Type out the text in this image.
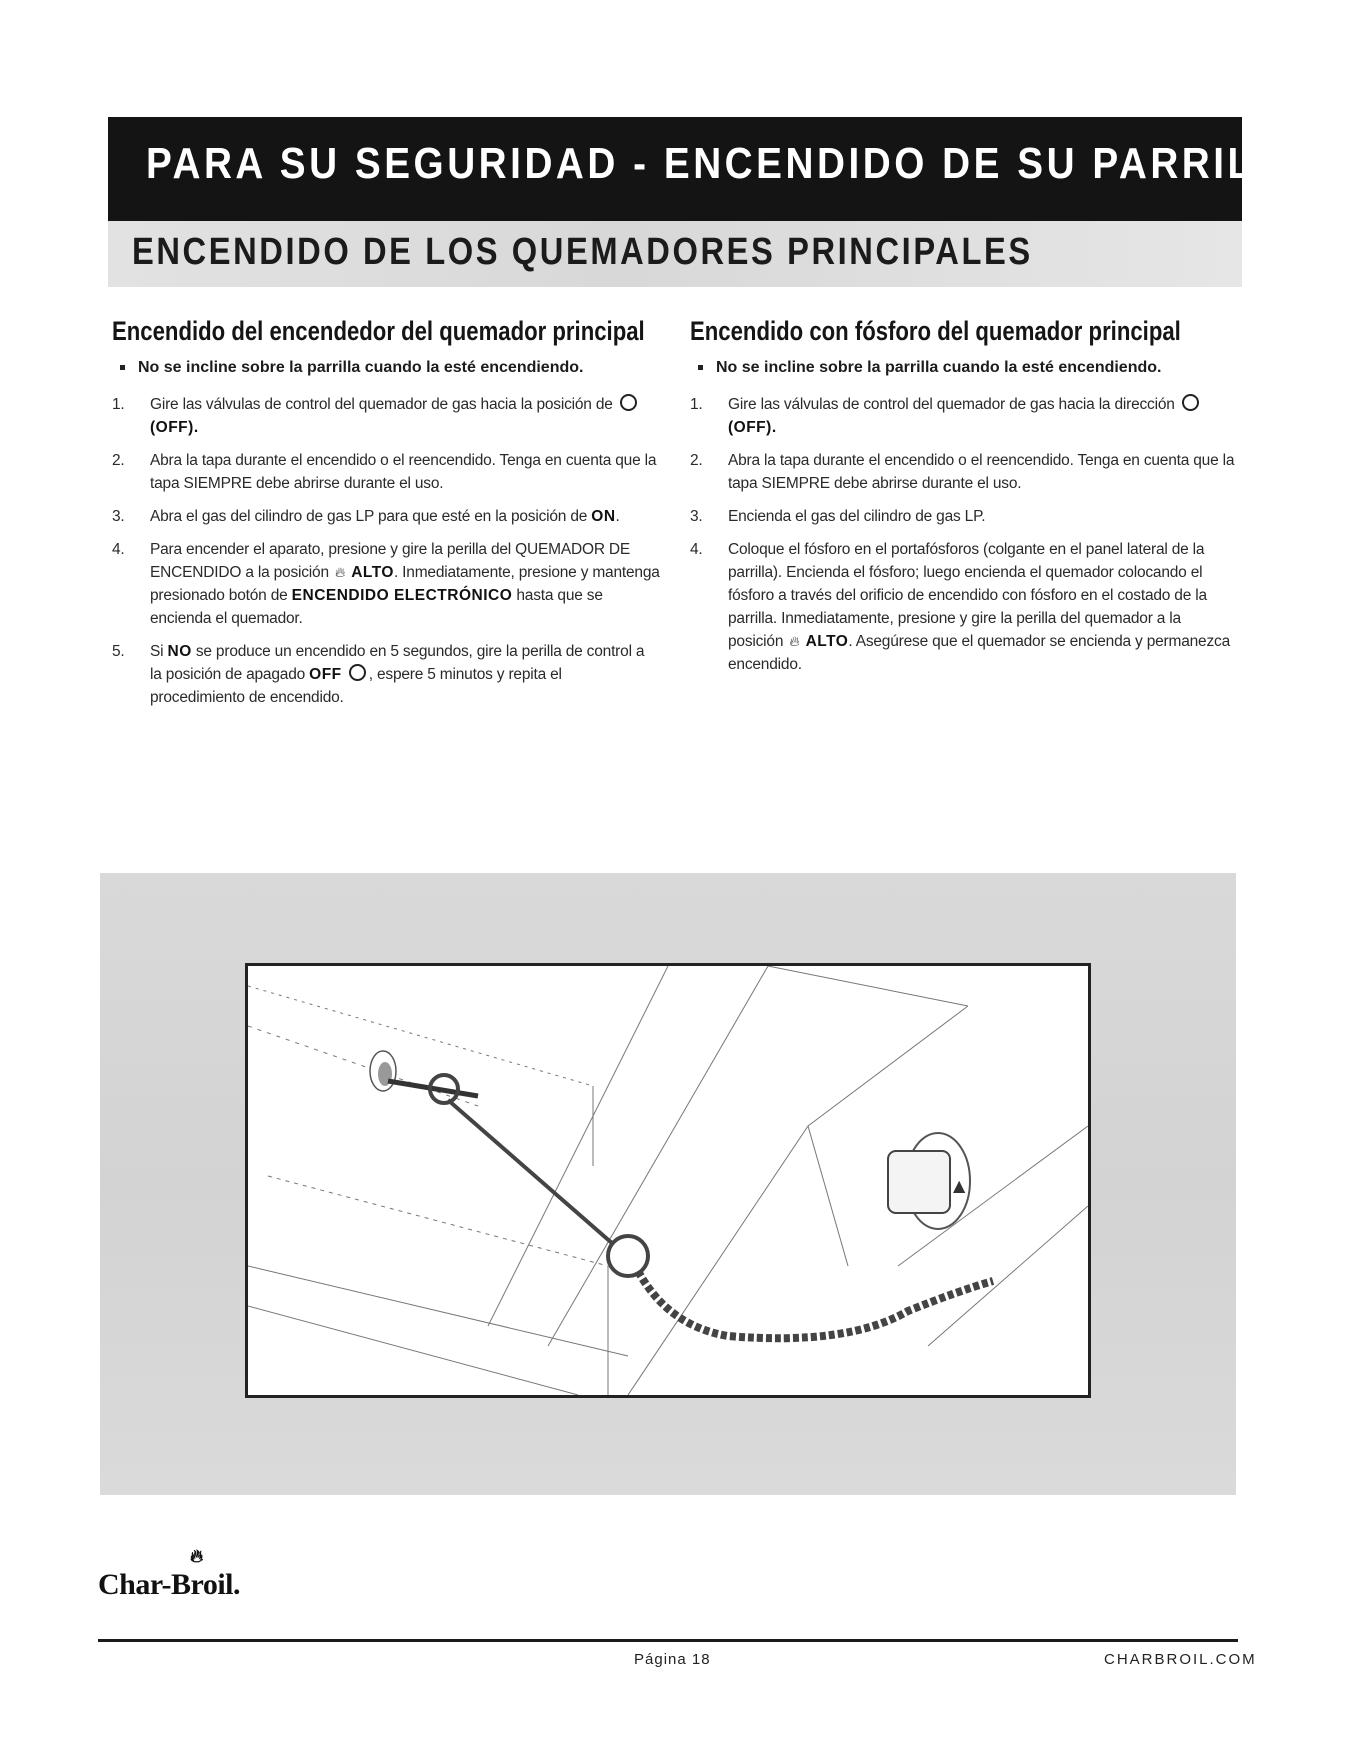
PARA SU SEGURIDAD - ENCENDIDO DE SU PARRILLA
ENCENDIDO DE LOS QUEMADORES PRINCIPALES
Encendido del encendedor del quemador principal
No se incline sobre la parrilla cuando la esté encendiendo.
1. Gire las válvulas de control del quemador de gas hacia la posición de  (OFF).
2. Abra la tapa durante el encendido o el reencendido. Tenga en cuenta que la tapa SIEMPRE debe abrirse durante el uso.
3. Abra el gas del cilindro de gas LP para que esté en la posición de ON.
4. Para encender el aparato, presione y gire la perilla del QUEMADOR DE ENCENDIDO a la posición 🔥︎ ALTO. Inmediatamente, presione y mantenga presionado botón de ENCENDIDO ELECTRÓNICO hasta que se encienda el quemador.
5. Si NO se produce un encendido en 5 segundos, gire la perilla de control a la posición de apagado OFF , espere 5 minutos y repita el procedimiento de encendido.
Encendido con fósforo del quemador principal
No se incline sobre la parrilla cuando la esté encendiendo.
1. Gire las válvulas de control del quemador de gas hacia la dirección  (OFF).
2. Abra la tapa durante el encendido o el reencendido. Tenga en cuenta que la tapa SIEMPRE debe abrirse durante el uso.
3. Encienda el gas del cilindro de gas LP.
4. Coloque el fósforo en el portafósforos (colgante en el panel lateral de la parrilla). Encienda el fósforo; luego encienda el quemador colocando el fósforo a través del orificio de encendido con fósforo en el costado de la parrilla. Inmediatamente, presione y gire la perilla del quemador a la posición 🔥︎ ALTO. Asegúrese que el quemador se encienda y permanezca encendido.
▲
🔥︎
Char-Broil.
Página 18	CHARBROIL.COM
